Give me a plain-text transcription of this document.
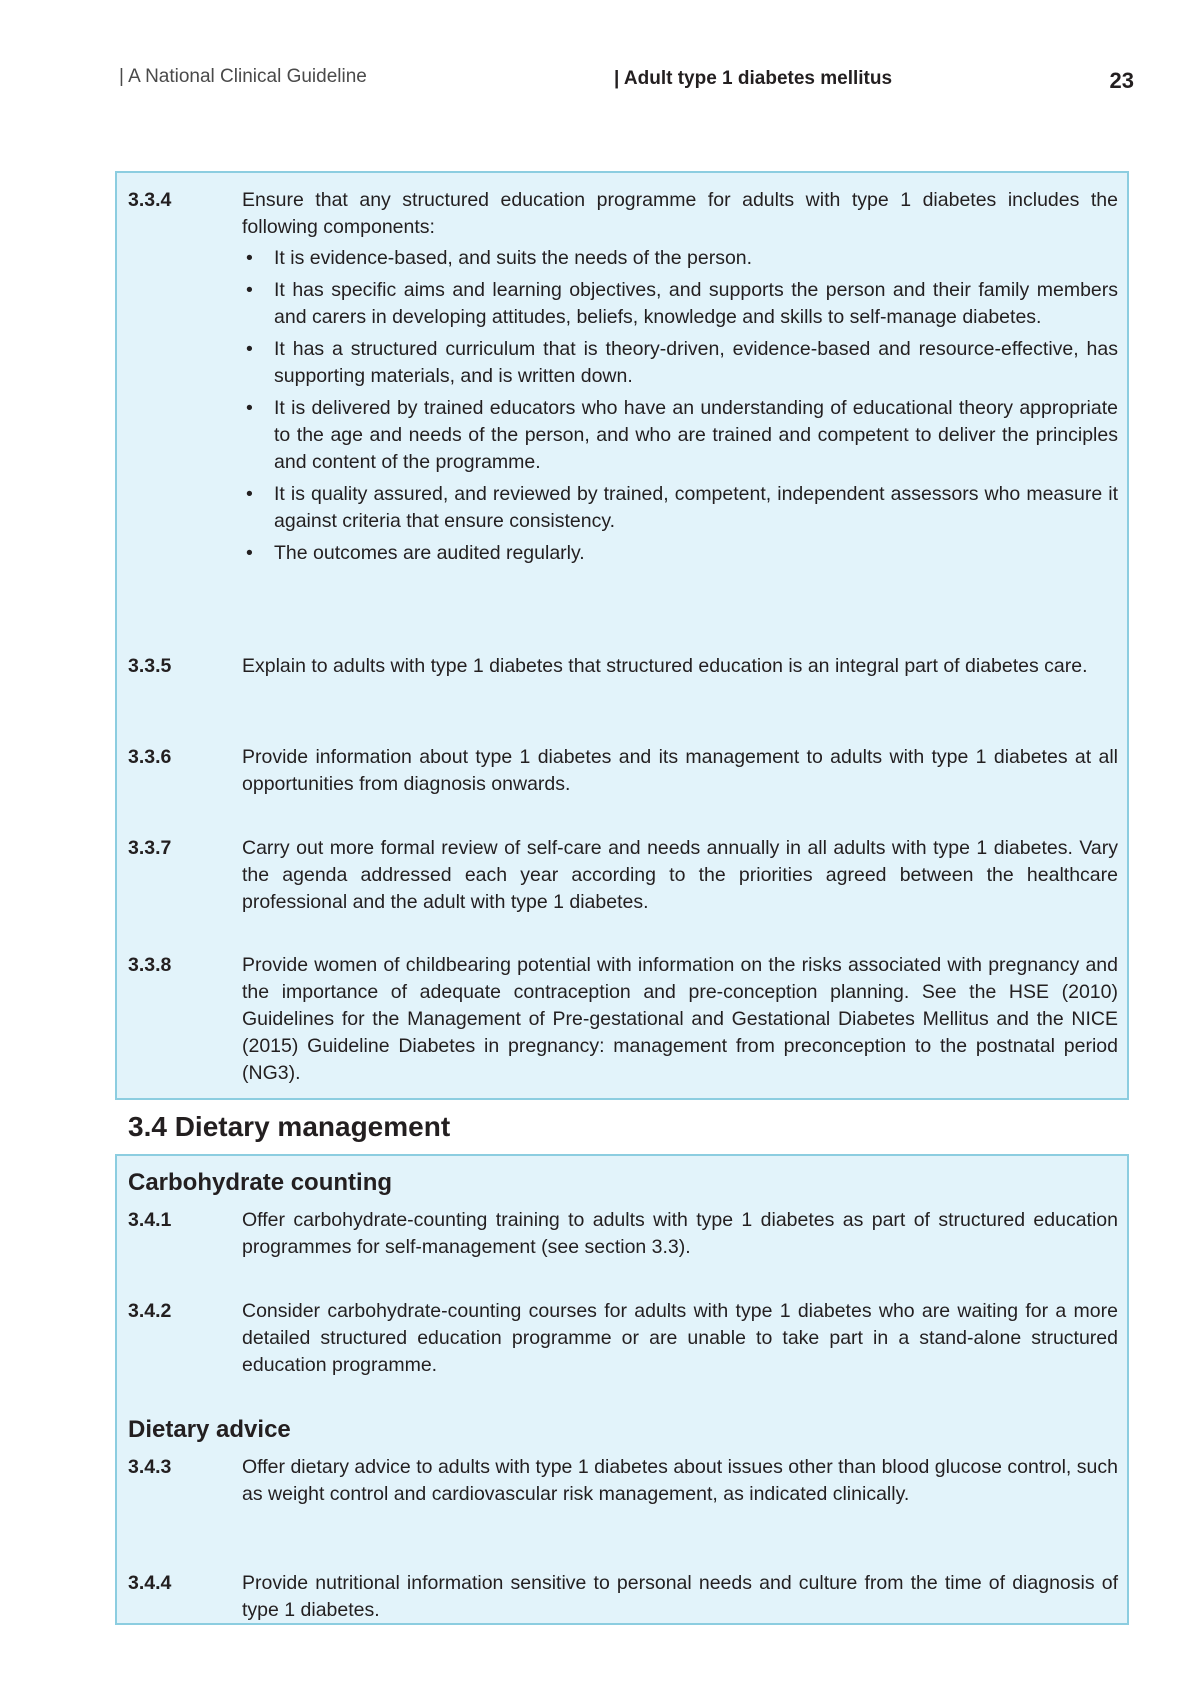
| A National Clinical Guideline	| Adult type 1 diabetes mellitus	23
3.3.4	Ensure that any structured education programme for adults with type 1 diabetes includes the following components:

• It is evidence-based, and suits the needs of the person.
• It has specific aims and learning objectives, and supports the person and their family members and carers in developing attitudes, beliefs, knowledge and skills to self-manage diabetes.
• It has a structured curriculum that is theory-driven, evidence-based and resource-effective, has supporting materials, and is written down.
• It is delivered by trained educators who have an understanding of educational theory appropriate to the age and needs of the person, and who are trained and competent to deliver the principles and content of the programme.
• It is quality assured, and reviewed by trained, competent, independent assessors who measure it against criteria that ensure consistency.
• The outcomes are audited regularly.
3.3.5	Explain to adults with type 1 diabetes that structured education is an integral part of diabetes care.
3.3.6	Provide information about type 1 diabetes and its management to adults with type 1 diabetes at all opportunities from diagnosis onwards.
3.3.7	Carry out more formal review of self-care and needs annually in all adults with type 1 diabetes. Vary the agenda addressed each year according to the priorities agreed between the healthcare professional and the adult with type 1 diabetes.
3.3.8	Provide women of childbearing potential with information on the risks associated with pregnancy and the importance of adequate contraception and pre-conception planning. See the HSE (2010) Guidelines for the Management of Pre-gestational and Gestational Diabetes Mellitus and the NICE (2015) Guideline Diabetes in pregnancy: management from preconception to the postnatal period (NG3).
3.4 Dietary management
Carbohydrate counting
3.4.1	Offer carbohydrate-counting training to adults with type 1 diabetes as part of structured education programmes for self-management (see section 3.3).
3.4.2	Consider carbohydrate-counting courses for adults with type 1 diabetes who are waiting for a more detailed structured education programme or are unable to take part in a stand-alone structured education programme.
Dietary advice
3.4.3	Offer dietary advice to adults with type 1 diabetes about issues other than blood glucose control, such as weight control and cardiovascular risk management, as indicated clinically.
3.4.4	Provide nutritional information sensitive to personal needs and culture from the time of diagnosis of type 1 diabetes.
